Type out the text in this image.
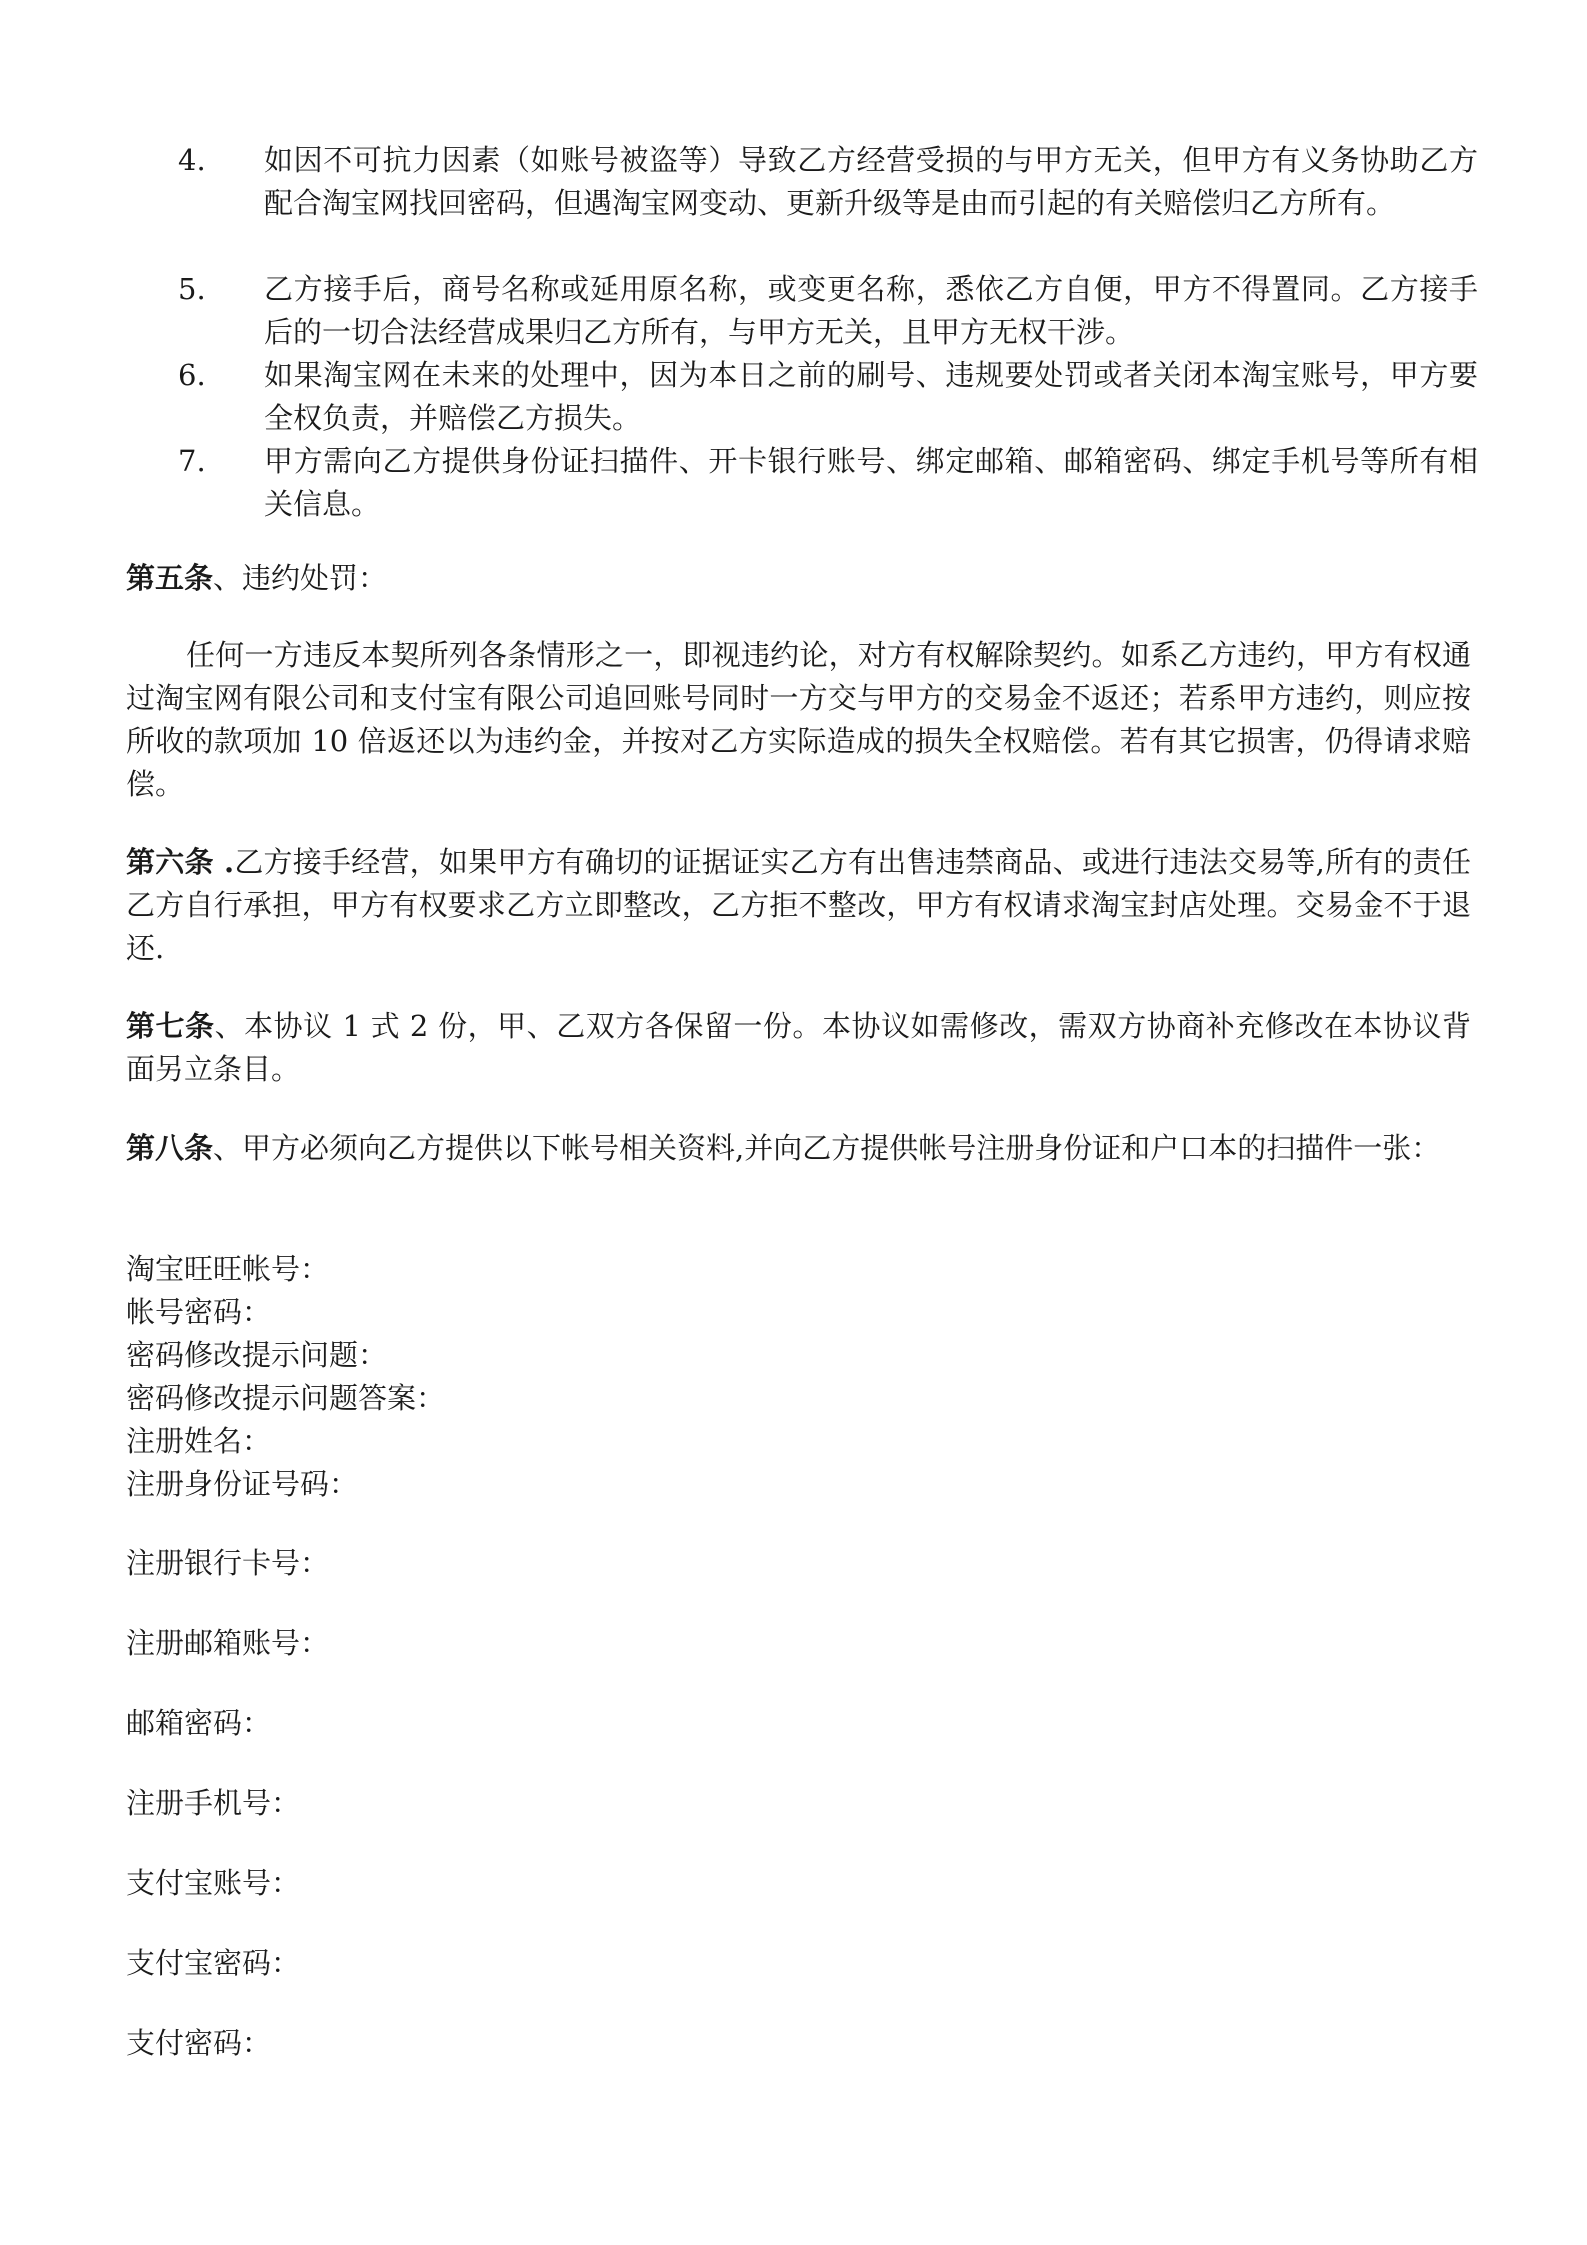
4.	如因不可抗力因素（如账号被盗等）导致乙方经营受损的与甲方无关，但甲方有义务协助乙方配合淘宝网找回密码，但遇淘宝网变动、更新升级等是由而引起的有关赔偿归乙方所有。
5.	乙方接手后，商号名称或延用原名称，或变更名称，悉依乙方自便，甲方不得置同。乙方接手后的一切合法经营成果归乙方所有，与甲方无关，且甲方无权干涉。
6.	如果淘宝网在未来的处理中，因为本日之前的刷号、违规要处罚或者关闭本淘宝账号，甲方要全权负责，并赔偿乙方损失。
7.	甲方需向乙方提供身份证扫描件、开卡银行账号、绑定邮箱、邮箱密码、绑定手机号等所有相关信息。
第五条、违约处罚：
任何一方违反本契所列各条情形之一，即视违约论，对方有权解除契约。如系乙方违约，甲方有权通过淘宝网有限公司和支付宝有限公司追回账号同时一方交与甲方的交易金不返还；若系甲方违约，则应按所收的款项加 10 倍返还以为违约金，并按对乙方实际造成的损失全权赔偿。若有其它损害，仍得请求赔偿。
第六条 .乙方接手经营，如果甲方有确切的证据证实乙方有出售违禁商品、或进行违法交易等,所有的责任乙方自行承担，甲方有权要求乙方立即整改，乙方拒不整改，甲方有权请求淘宝封店处理。交易金不于退还.
第七条、本协议 1 式 2 份，甲、乙双方各保留一份。本协议如需修改，需双方协商补充修改在本协议背面另立条目。
第八条、甲方必须向乙方提供以下帐号相关资料,并向乙方提供帐号注册身份证和户口本的扫描件一张：
淘宝旺旺帐号：
帐号密码：
密码修改提示问题：
密码修改提示问题答案：
注册姓名：
注册身份证号码：
注册银行卡号：
注册邮箱账号：
邮箱密码：
注册手机号：
支付宝账号：
支付宝密码：
支付密码：
